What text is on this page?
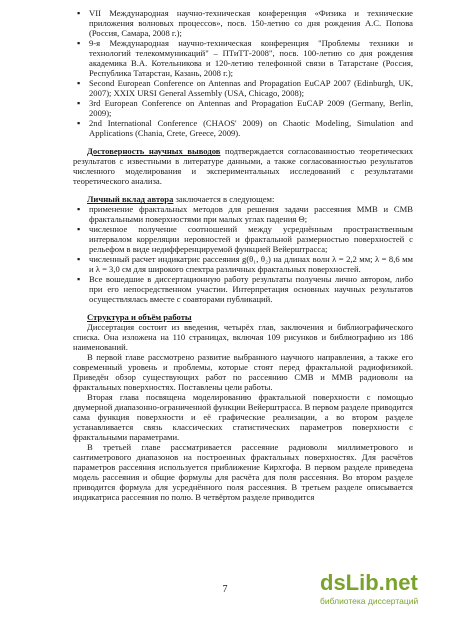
▪ VII Международная научно-техническая конференция «Физика и технические приложения волновых процессов», посв. 150-летию со дня рождения А.С. Попова (Россия, Самара, 2008 г.);

▪ 9-я Международная научно-техническая конференция "Проблемы техники и технологий телекоммуникаций" – ПТиТТ-2008", посв. 100-летию со дня рождения академика В.А. Котельникова и 120-летию телефонной связи в Татарстане (Россия, Республика Татарстан, Казань, 2008 г.);

▪ Second European Conference on Antennas and Propagation EuCAP 2007 (Edinburgh, UK, 2007); XXIX URSI General Assembly (USA, Chicago, 2008);

▪ 3rd European Conference on Antennas and Propagation EuCAP 2009 (Germany, Berlin, 2009);

▪ 2nd International Conference (CHAOS' 2009) on Chaotic Modeling, Simulation and Applications (Chania, Crete, Greece, 2009).

Достоверность научных выводов подтверждается согласованностью теоретических результатов с известными в литературе данными, а также согласованностью результатов численного моделирования и экспериментальных исследований с результатами теоретического анализа.

Личный вклад автора заключается в следующем:

▪ применение фрактальных методов для решения задачи рассеяния ММВ и СМВ фрактальными поверхностями при малых углах падения Θ;

▪ численное получение соотношений между усреднённым пространственным интервалом корреляции неровностей и фрактальной размерностью поверхностей с рельефом в виде недифференцируемой функцией Вейерштрасса;

▪ численный расчет индикатрис рассеяния g(θ₁, θ₂) на длинах волн λ = 2,2 мм; λ = 8,6 мм и λ = 3,0 см для широкого спектра различных фрактальных поверхностей.

▪ Все вошедшие в диссертационную работу результаты получены лично автором, либо при его непосредственном участии. Интерпретация основных научных результатов осуществлялась вместе с соавторами публикаций.

Структура и объём работы

Диссертация состоит из введения, четырёх глав, заключения и библиографического списка. Она изложена на 110 страницах, включая 109 рисунков и библиографию из 186 наименований.

В первой главе рассмотрено развитие выбранного научного направления, а также его современный уровень и проблемы, которые стоят перед фрактальной радиофизикой. Приведён обзор существующих работ по рассеянию СМВ и ММВ радиоволн на фрактальных поверхностях. Поставлены цели работы.

Вторая глава посвящена моделированию фрактальной поверхности с помощью двумерной диапазонно-ограниченной функции Вейерштрасса. В первом разделе приводится сама функция поверхности и её графические реализации, а во втором разделе устанавливается связь классических статистических параметров поверхности с фрактальными параметрами.

В третьей главе рассматривается рассеяние радиоволн миллиметрового и сантиметрового диапазонов на построенных фрактальных поверхностях. Для расчётов параметров рассеяния используется приближение Кирхгофа. В первом разделе приведена модель рассеяния и общие формулы для расчёта для поля рассеяния. Во втором разделе приводится формула для усреднённого поля рассеяния. В третьем разделе описывается индикатриса рассеяния по полю. В четвёртом разделе приводится

7	dsLib.net
библиотека диссертаций
